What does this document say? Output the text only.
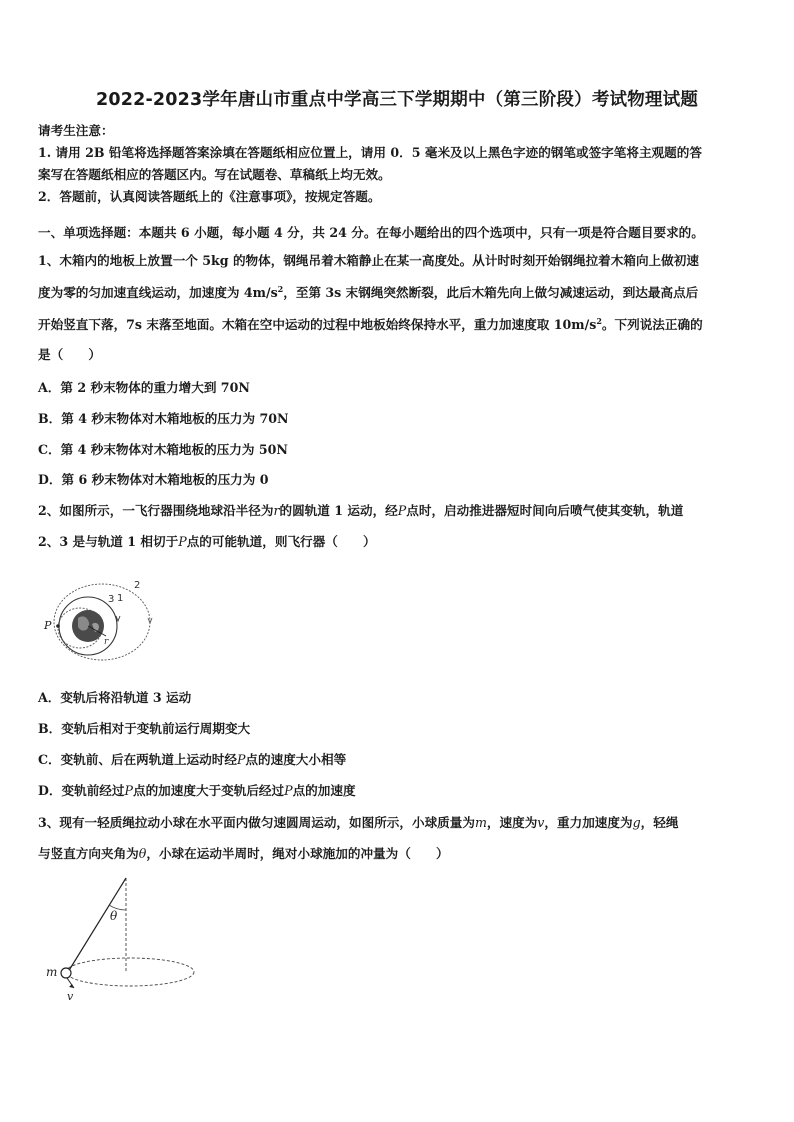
2022-2023学年唐山市重点中学高三下学期期中（第三阶段）考试物理试题
请考生注意：
1. 请用 2B 铅笔将选择题答案涂填在答题纸相应位置上，请用 0．5 毫米及以上黑色字迹的钢笔或签字笔将主观题的答
案写在答题纸相应的答题区内。写在试题卷、草稿纸上均无效。
2．答题前，认真阅读答题纸上的《注意事项》，按规定答题。
一、单项选择题：本题共 6 小题，每小题 4 分，共 24 分。在每小题给出的四个选项中，只有一项是符合题目要求的。
1、木箱内的地板上放置一个 5kg 的物体，钢绳吊着木箱静止在某一高度处。从计时时刻开始钢绳拉着木箱向上做初速
度为零的匀加速直线运动，加速度为 $4m/s^2$，至第 3s 末钢绳突然断裂，此后木箱先向上做匀减速运动，到达最高点后
开始竖直下落，7s 末落至地面。木箱在空中运动的过程中地板始终保持水平，重力加速度取 $10m/s^2$。下列说法正确的
是（　　）
A．第 2 秒末物体的重力增大到 70N
B．第 4 秒末物体对木箱地板的压力为 70N
C．第 4 秒末物体对木箱地板的压力为 50N
D．第 6 秒末物体对木箱地板的压力为 0
2、如图所示，一飞行器围绕地球沿半径为r的圆轨道 1 运动，经P点时，启动推进器短时间向后喷气使其变轨，轨道
2、3 是与轨道 1 相切于P点的可能轨道，则飞行器（　　）
P
3 1
2
r
A．变轨后将沿轨道 3 运动
B．变轨后相对于变轨前运行周期变大
C．变轨前、后在两轨道上运动时经P点的速度大小相等
D．变轨前经过P点的加速度大于变轨后经过P点的加速度
3、现有一轻质绳拉动小球在水平面内做匀速圆周运动，如图所示，小球质量为m，速度为v，重力加速度为g，轻绳
与竖直方向夹角为θ，小球在运动半周时，绳对小球施加的冲量为（　　）
θ
m
v
